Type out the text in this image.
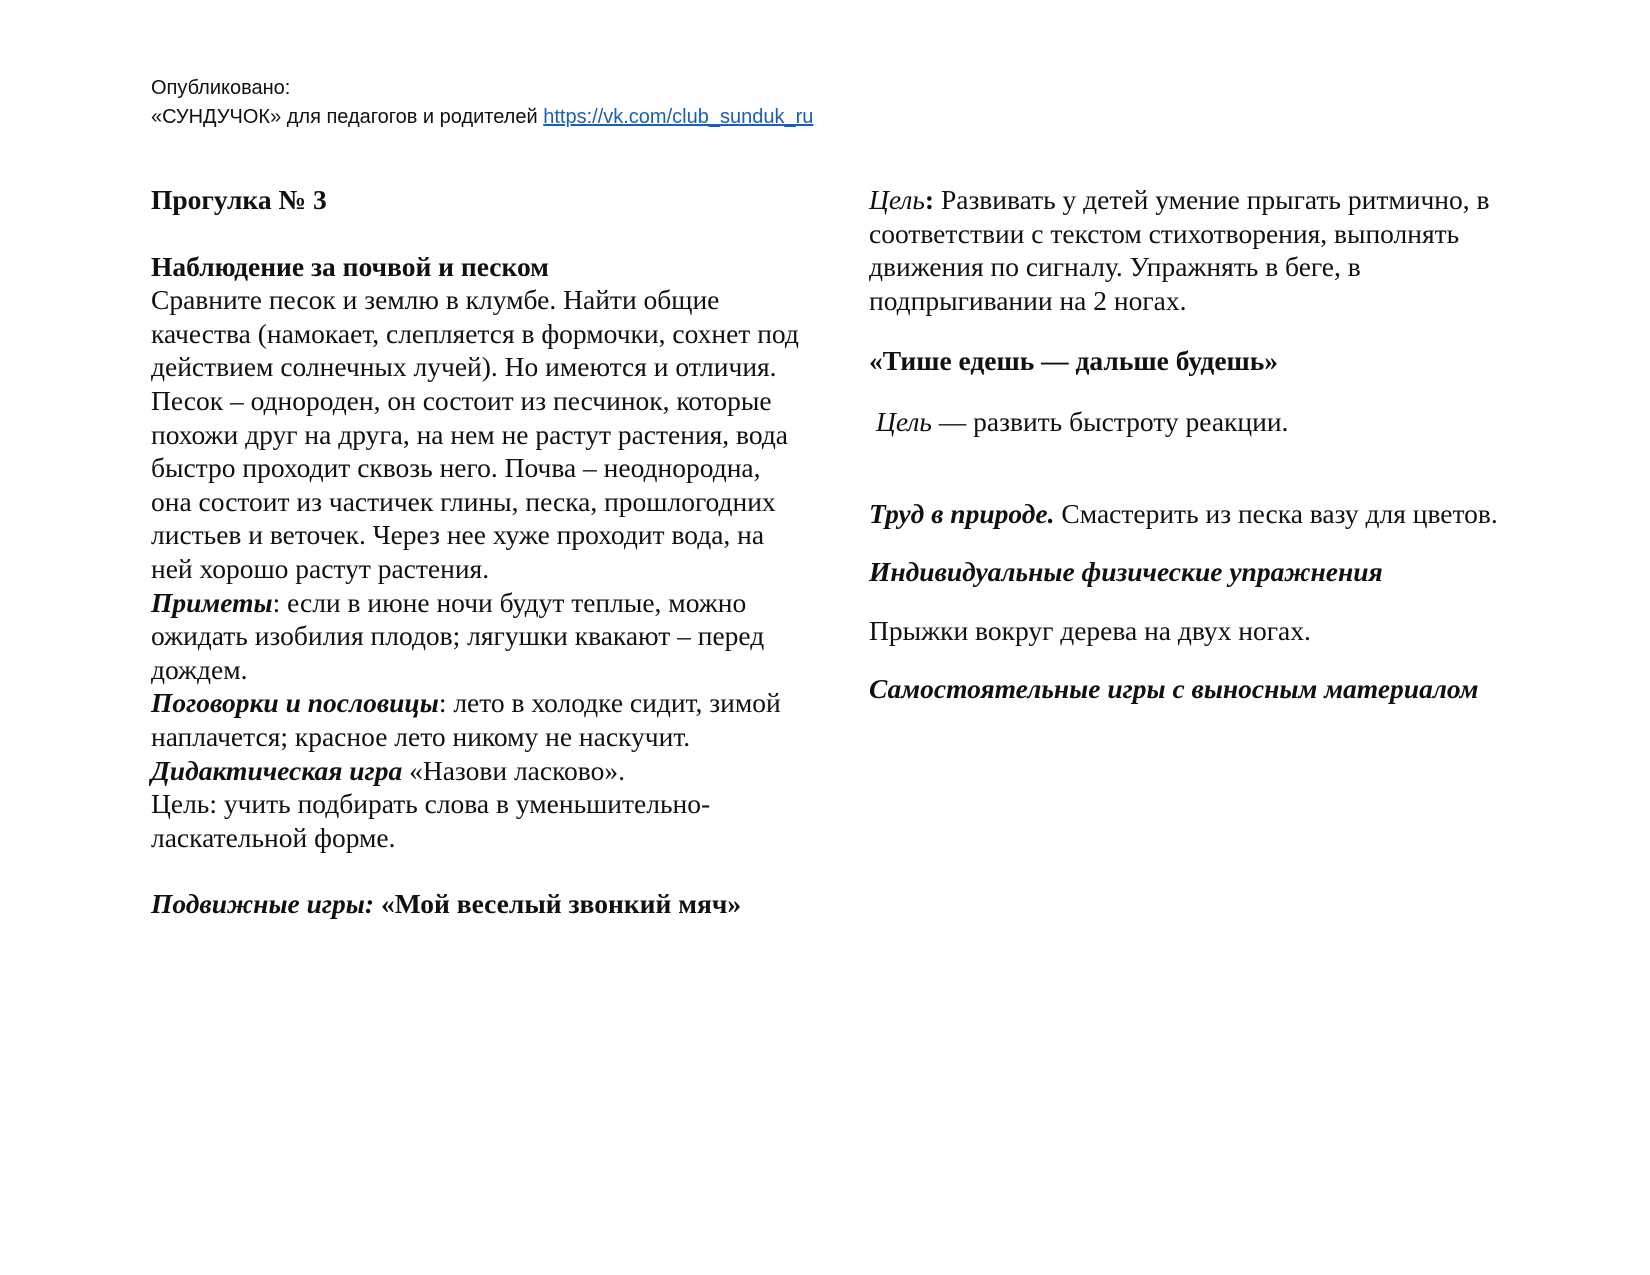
Опубликовано:
«СУНДУЧОК» для педагогов и родителей https://vk.com/club_sunduk_ru

Прогулка № 3

Наблюдение за почвой и песком

Сравните песок и землю в клумбе. Найти общие качества (намокает, слепляется в формочки, сохнет под действием солнечных лучей). Но имеются и отличия. Песок – однороден, он состоит из песчинок, которые похожи друг на друга, на нем не растут растения, вода быстро проходит сквозь него. Почва – неоднородна, она состоит из частичек глины, песка, прошлогодних листьев и веточек. Через нее хуже проходит вода, на ней хорошо растут растения.

Приметы: если в июне ночи будут теплые, можно ожидать изобилия плодов; лягушки квакают – перед дождем.

Поговорки и пословицы: лето в холодке сидит, зимой наплачется; красное лето никому не наскучит.

Дидактическая игра «Назови ласково».

Цель: учить подбирать слова в уменьшительно-ласкательной форме.

Подвижные игры: «Мой веселый звонкий мяч»

Цель: Развивать у детей умение прыгать ритмично, в соответствии с текстом стихотворения, выполнять движения по сигналу. Упражнять в беге, в подпрыгивании на 2 ногах.

«Тише едешь — дальше будешь»

Цель — развить быстроту реакции.

Труд в природе. Смастерить из песка вазу для цветов.

Индивидуальные физические упражнения

Прыжки вокруг дерева на двух ногах.

Самостоятельные игры с выносным материалом
